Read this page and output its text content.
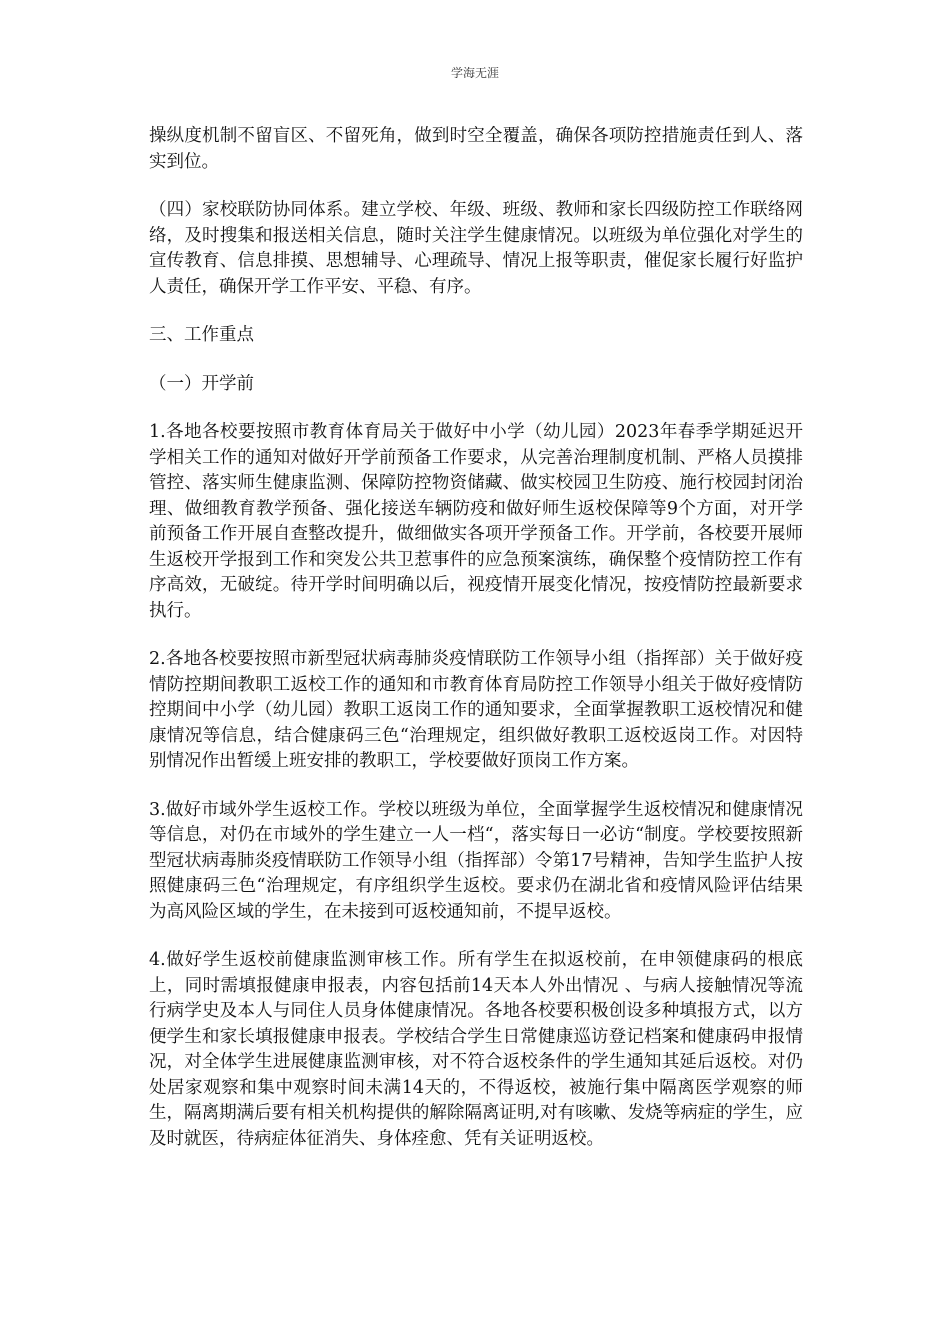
学海无涯

操纵度机制不留盲区、不留死角，做到时空全覆盖，确保各项防控措施责任到人、落实到位。

（四）家校联防协同体系。建立学校、年级、班级、教师和家长四级防控工作联络网络，及时搜集和报送相关信息，随时关注学生健康情况。以班级为单位强化对学生的宣传教育、信息排摸、思想辅导、心理疏导、情况上报等职责，催促家长履行好监护人责任，确保开学工作平安、平稳、有序。

三、工作重点

（一）开学前

1.各地各校要按照市教育体育局关于做好中小学（幼儿园）2023年春季学期延迟开学相关工作的通知对做好开学前预备工作要求，从完善治理制度机制、严格人员摸排管控、落实师生健康监测、保障防控物资储藏、做实校园卫生防疫、施行校园封闭治理、做细教育教学预备、强化接送车辆防疫和做好师生返校保障等9个方面，对开学前预备工作开展自查整改提升，做细做实各项开学预备工作。开学前，各校要开展师生返校开学报到工作和突发公共卫惹事件的应急预案演练，确保整个疫情防控工作有序高效，无破绽。待开学时间明确以后，视疫情开展变化情况，按疫情防控最新要求执行。

2.各地各校要按照市新型冠状病毒肺炎疫情联防工作领导小组（指挥部）关于做好疫情防控期间教职工返校工作的通知和市教育体育局防控工作领导小组关于做好疫情防控期间中小学（幼儿园）教职工返岗工作的通知要求，全面掌握教职工返校情况和健康情况等信息，结合健康码三色“治理规定，组织做好教职工返校返岗工作。对因特别情况作出暂缓上班安排的教职工，学校要做好顶岗工作方案。

3.做好市域外学生返校工作。学校以班级为单位，全面掌握学生返校情况和健康情况等信息，对仍在市域外的学生建立一人一档“，落实每日一必访“制度。学校要按照新型冠状病毒肺炎疫情联防工作领导小组（指挥部）令第17号精神，告知学生监护人按照健康码三色“治理规定，有序组织学生返校。要求仍在湖北省和疫情风险评估结果为高风险区域的学生，在未接到可返校通知前，不提早返校。

4.做好学生返校前健康监测审核工作。所有学生在拟返校前，在申领健康码的根底上，同时需填报健康申报表，内容包括前14天本人外出情况 、与病人接触情况等流行病学史及本人与同住人员身体健康情况。各地各校要积极创设多种填报方式，以方便学生和家长填报健康申报表。学校结合学生日常健康巡访登记档案和健康码申报情况，对全体学生进展健康监测审核，对不符合返校条件的学生通知其延后返校。对仍处居家观察和集中观察时间未满14天的，不得返校，被施行集中隔离医学观察的师生，隔离期满后要有相关机构提供的解除隔离证明,对有咳嗽、发烧等病症的学生，应及时就医，待病症体征消失、身体痊愈、凭有关证明返校。
